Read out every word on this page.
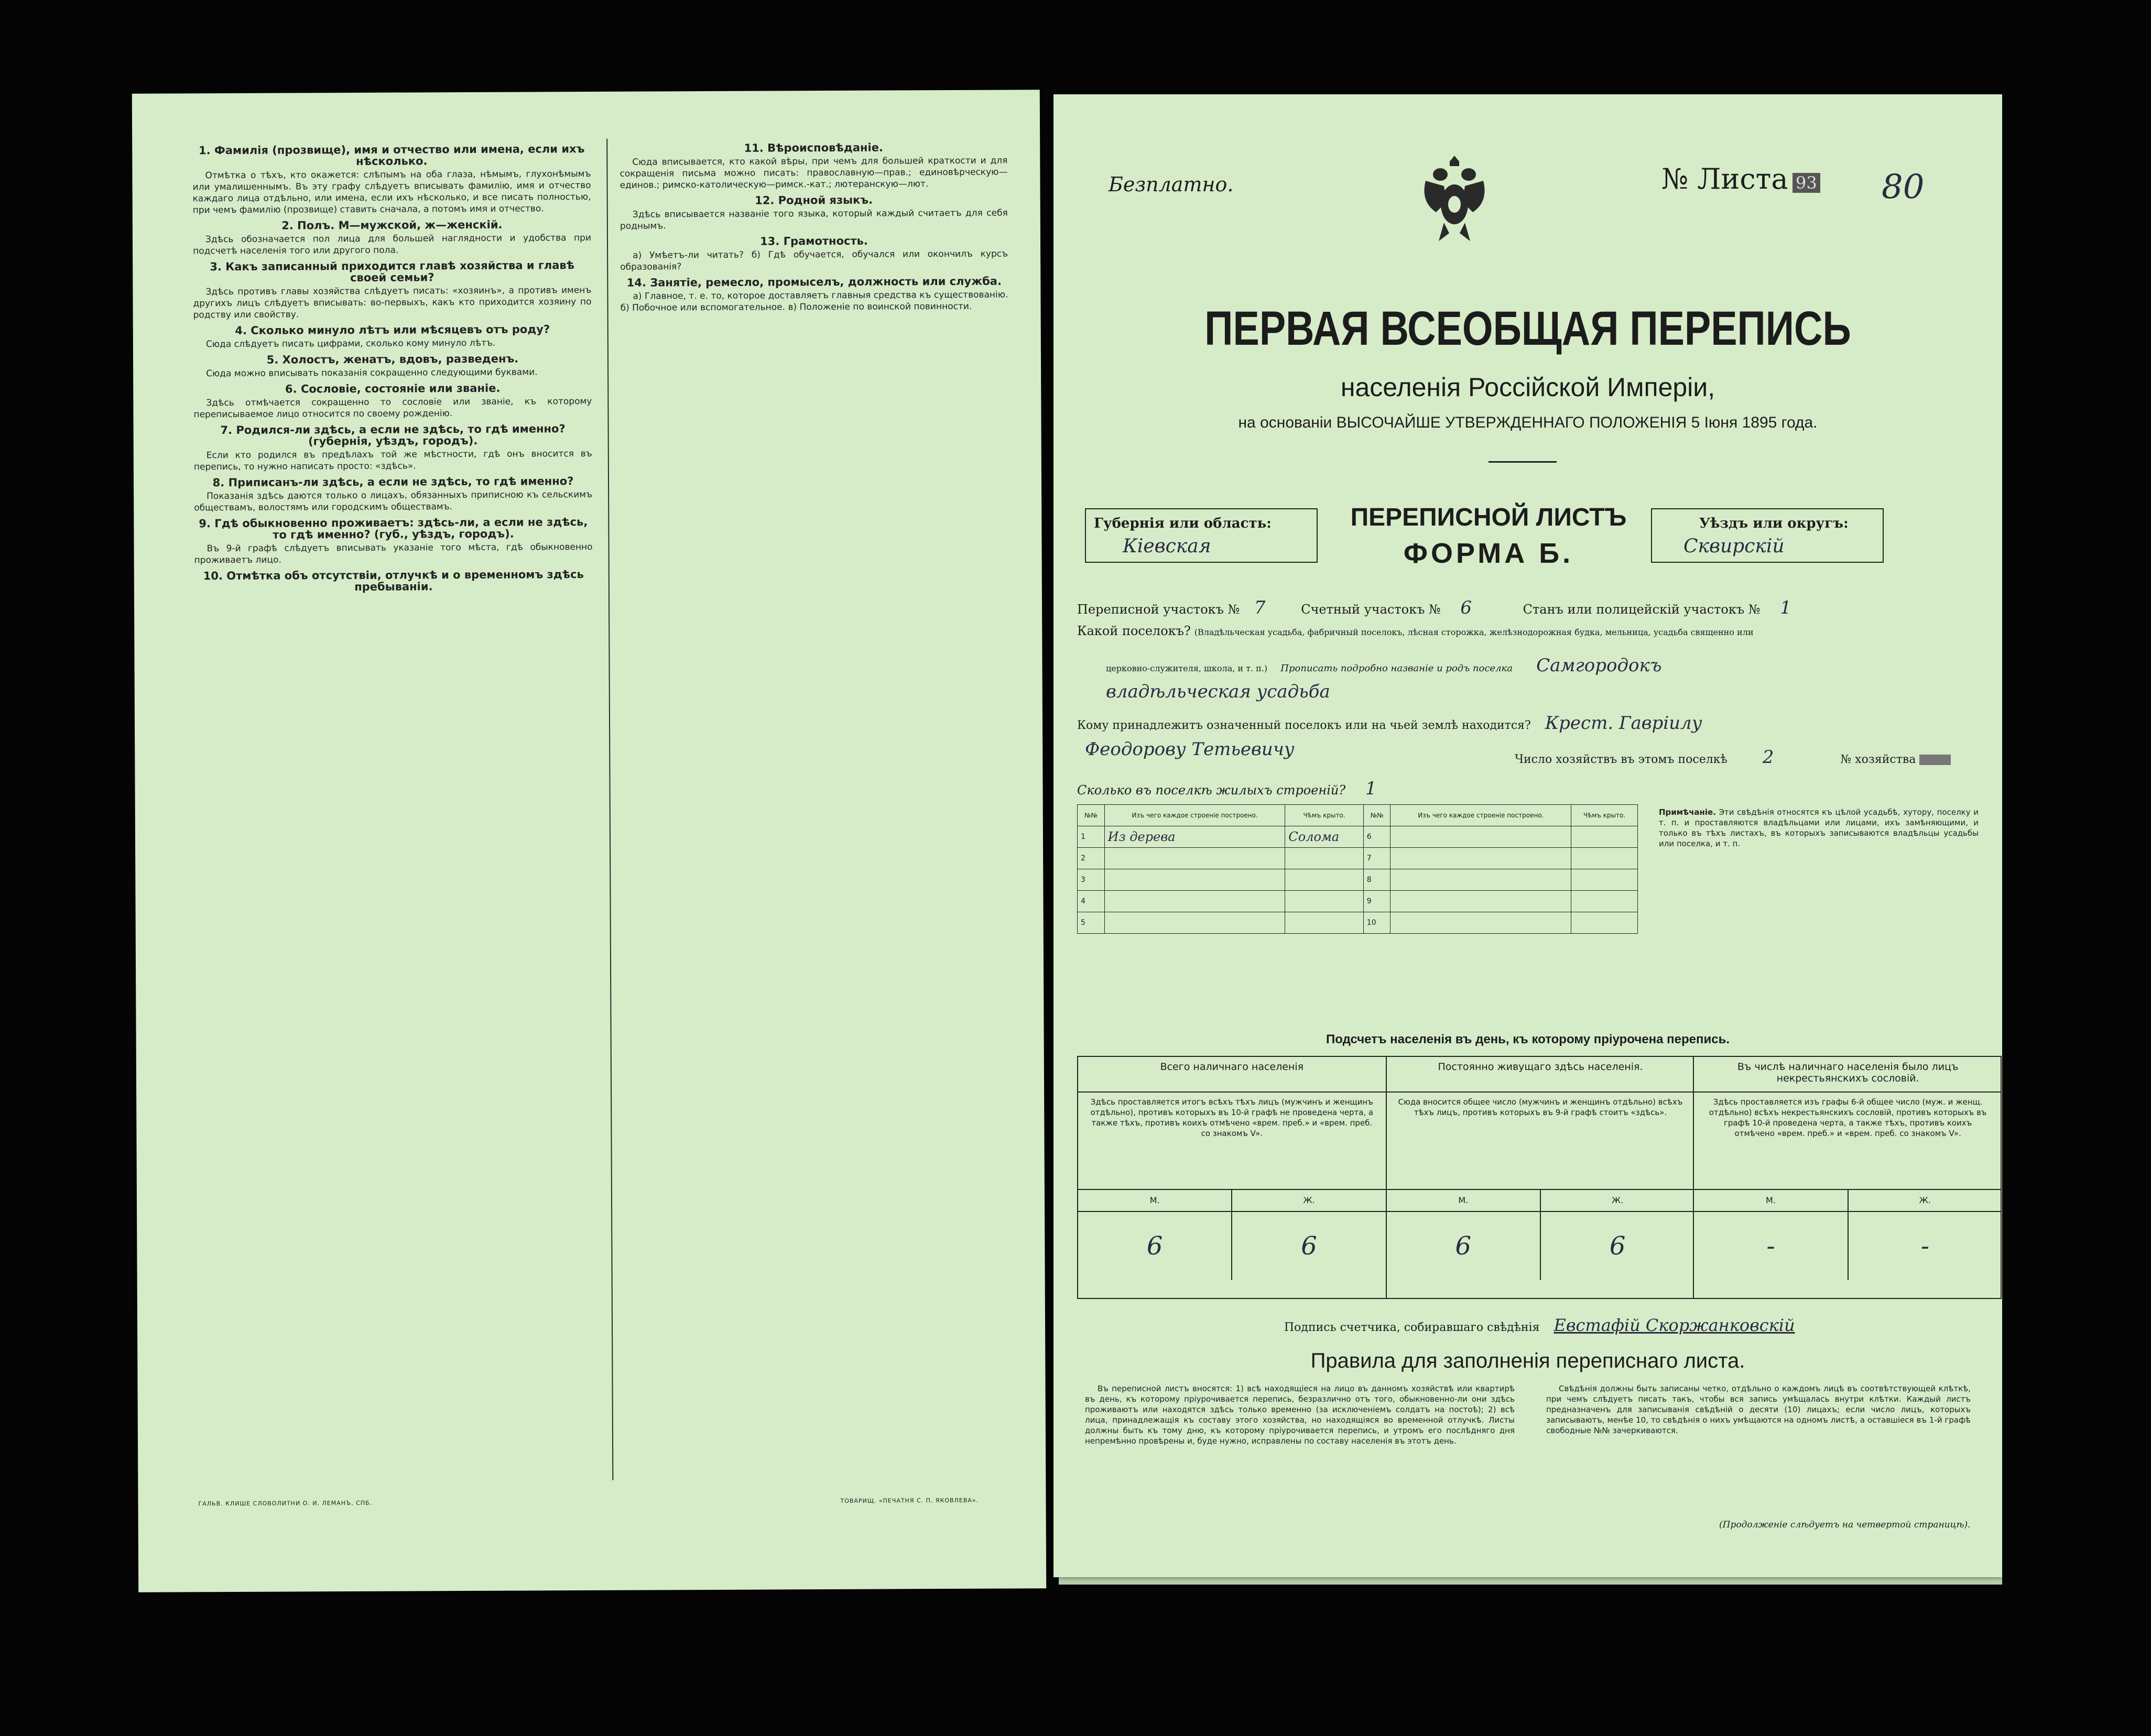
1. Фамилія (прозвище), имя и отчество или имена, если ихъ нѣсколько.

Отмѣтка о тѣхъ, кто окажется: слѣпымъ на оба глаза, нѣмымъ, глухонѣмымъ или умалишеннымъ. Въ эту графу слѣдуетъ вписывать фамилію, имя и отчество каждаго лица отдѣльно, или имена, если ихъ нѣсколько, и все писать полностью, при чемъ фамилію (прозвище) ставить сначала, а потомъ имя и отчество.

2. Полъ. М—мужской, ж—женскій.

Здѣсь обозначается пол лица для большей наглядности и удобства при подсчетѣ населенія того или другого пола.

3. Какъ записанный приходится главѣ хозяйства и главѣ своей семьи?

Здѣсь противъ главы хозяйства слѣдуетъ писать: «хозяинъ», а противъ именъ другихъ лицъ слѣдуетъ вписывать: во-первыхъ, какъ кто приходится хозяину по родству или свойству.

4. Сколько минуло лѣтъ или мѣсяцевъ отъ роду?

Сюда слѣдуетъ писать цифрами, сколько кому минуло лѣтъ.

5. Холостъ, женатъ, вдовъ, разведенъ.

Сюда можно вписывать показанія сокращенно следующими буквами.

6. Сословіе, состояніе или званіе.

Здѣсь отмѣчается сокращенно то сословіе или званіе, къ которому переписываемое лицо относится по своему рожденію.

7. Родился-ли здѣсь, а если не здѣсь, то гдѣ именно? (губернія, уѣздъ, городъ).

Если кто родился въ предѣлахъ той же мѣстности, гдѣ онъ вносится въ перепись, то нужно написать просто: «здѣсь».

8. Приписанъ-ли здѣсь, а если не здѣсь, то гдѣ именно?

Показанія здѣсь даются только о лицахъ, обязанныхъ приписною къ сельскимъ обществамъ, волостямъ или городскимъ обществамъ.

9. Гдѣ обыкновенно проживаетъ: здѣсь-ли, а если не здѣсь, то гдѣ именно? (губ., уѣздъ, городъ).

Въ 9-й графѣ слѣдуетъ вписывать указаніе того мѣста, гдѣ обыкновенно проживаетъ лицо.

10. Отмѣтка объ отсутствіи, отлучкѣ и о временномъ здѣсь пребываніи.
11. Вѣроисповѣданіе.

Сюда вписывается, кто какой вѣры, при чемъ для большей краткости и для сокращенія письма можно писать: православную—прав.; единовѣрческую—единов.; римско-католическую—римск.-кат.; лютеранскую—лют.

12. Родной языкъ.

Здѣсь вписывается названіе того языка, который каждый считаетъ для себя роднымъ.

13. Грамотность.

а) Умѣетъ-ли читать? б) Гдѣ обучается, обучался или окончилъ курсъ образованія?

14. Занятіе, ремесло, промыселъ, должность или служба.

а) Главное, т. е. то, которое доставляетъ главныя средства къ существованію. б) Побочное или вспомогательное. в) Положеніе по воинской повинности.

ГАЛЬВ. КЛИШЕ СЛОВОЛИТНИ О. И. ЛЕМАНЪ, СПБ.	ТОВАРИЩ. «ПЕЧАТНЯ С. П. ЯКОВЛЕВА».
Безплатно.	№ Листа 93 80
ПЕРВАЯ ВСЕОБЩАЯ ПЕРЕПИСЬ
населенія Россійской Имперіи,
на основаніи ВЫСОЧАЙШЕ УТВЕРЖДЕННАГО ПОЛОЖЕНІЯ 5 Іюня 1895 года.
Губернія или область:
Кіевская
ПЕРЕПИСНОЙ ЛИСТЪ
ФОРМА Б.
Уѣздъ или округъ:
Сквирскій
Переписной участокъ № 7	Счетный участокъ № 6	Станъ или полицейскій участокъ № 1
Какой поселокъ? (Владѣльческая усадьба, фабричный поселокъ, лѣсная сторожка, желѣзнодорожная будка, мельница, усадьба священно или
церковно-служителя, школа, и т. п.) Прописать подробно названіе и родъ поселка Самгородокъ
владѣльческая усадьба
Кому принадлежитъ означенный поселокъ или на чьей землѣ находится? Крест. Гавріилу
Феодорову Тетьевичу	Число хозяйствъ въ этомъ поселкѣ 2	№ хозяйства
Сколько въ поселкѣ жилыхъ строеній? 1
№№	Изъ чего каждое строеніе построено.	Чѣмъ крыто.	№№	Изъ чего каждое строеніе построено.	Чѣмъ крыто.
1	Из дерева	Солома	6		
2			7		
3			8		
4			9		
5			10		
Примѣчаніе. Эти свѣдѣнія относятся къ цѣлой усадьбѣ, хутору, поселку и т. п. и проставляются владѣльцами или лицами, ихъ замѣняющими, и только въ тѣхъ листахъ, въ которыхъ записываются владѣльцы усадьбы или поселка, и т. п.
Подсчетъ населенія въ день, къ которому пріурочена перепись.
Всего наличнаго населенія
Здѣсь проставляется итогъ всѣхъ тѣхъ лицъ (мужчинъ и женщинъ отдѣльно), противъ которыхъ въ 10-й графѣ не проведена черта, а также тѣхъ, противъ коихъ отмѣчено «врем. преб.» и «врем. преб. со знакомъ V».
М.	Ж.
6	6
Постоянно живущаго здѣсь населенія.
Сюда вносится общее число (мужчинъ и женщинъ отдѣльно) всѣхъ тѣхъ лицъ, противъ которыхъ въ 9-й графѣ стоитъ «здѣсь».
М.	Ж.
6	6
Въ числѣ наличнаго населенія было лицъ некрестьянскихъ сословій.
Здѣсь проставляется изъ графы 6-й общее число (муж. и женщ. отдѣльно) всѣхъ некрестьянскихъ сословій, противъ которыхъ въ графѣ 10-й проведена черта, а также тѣхъ, противъ коихъ отмѣчено «врем. преб.» и «врем. преб. со знакомъ V».
М.	Ж.
-	-
Подпись счетчика, собиравшаго свѣдѣнія Евстафій Скоржанковскій
Правила для заполненія переписнаго листа.

Въ переписной листъ вносятся: 1) всѣ находящіеся на лицо въ данномъ хозяйствѣ или квартирѣ въ день, къ которому пріурочивается перепись, безразлично отъ того, обыкновенно-ли они здѣсь проживаютъ или находятся здѣсь только временно (за исключеніемъ солдатъ на постоѣ); 2) всѣ лица, принадлежащія къ составу этого хозяйства, но находящіяся во временной отлучкѣ. Листы должны быть къ тому дню, къ которому пріурочивается перепись, и утромъ его послѣдняго дня непремѣнно провѣрены и, буде нужно, исправлены по составу населенія въ этотъ день.

Свѣдѣнія должны быть записаны четко, отдѣльно о каждомъ лицѣ въ соотвѣтствующей клѣткѣ, при чемъ слѣдуетъ писать такъ, чтобы вся запись умѣщалась внутри клѣтки. Каждый листъ предназначенъ для записыванія свѣдѣній о десяти (10) лицахъ; если число лицъ, которыхъ записываютъ, менѣе 10, то свѣдѣнія о нихъ умѣщаются на одномъ листѣ, а оставшіеся въ 1-й графѣ свободные №№ зачеркиваются.

(Продолженіе слѣдуетъ на четвертой страницѣ).
